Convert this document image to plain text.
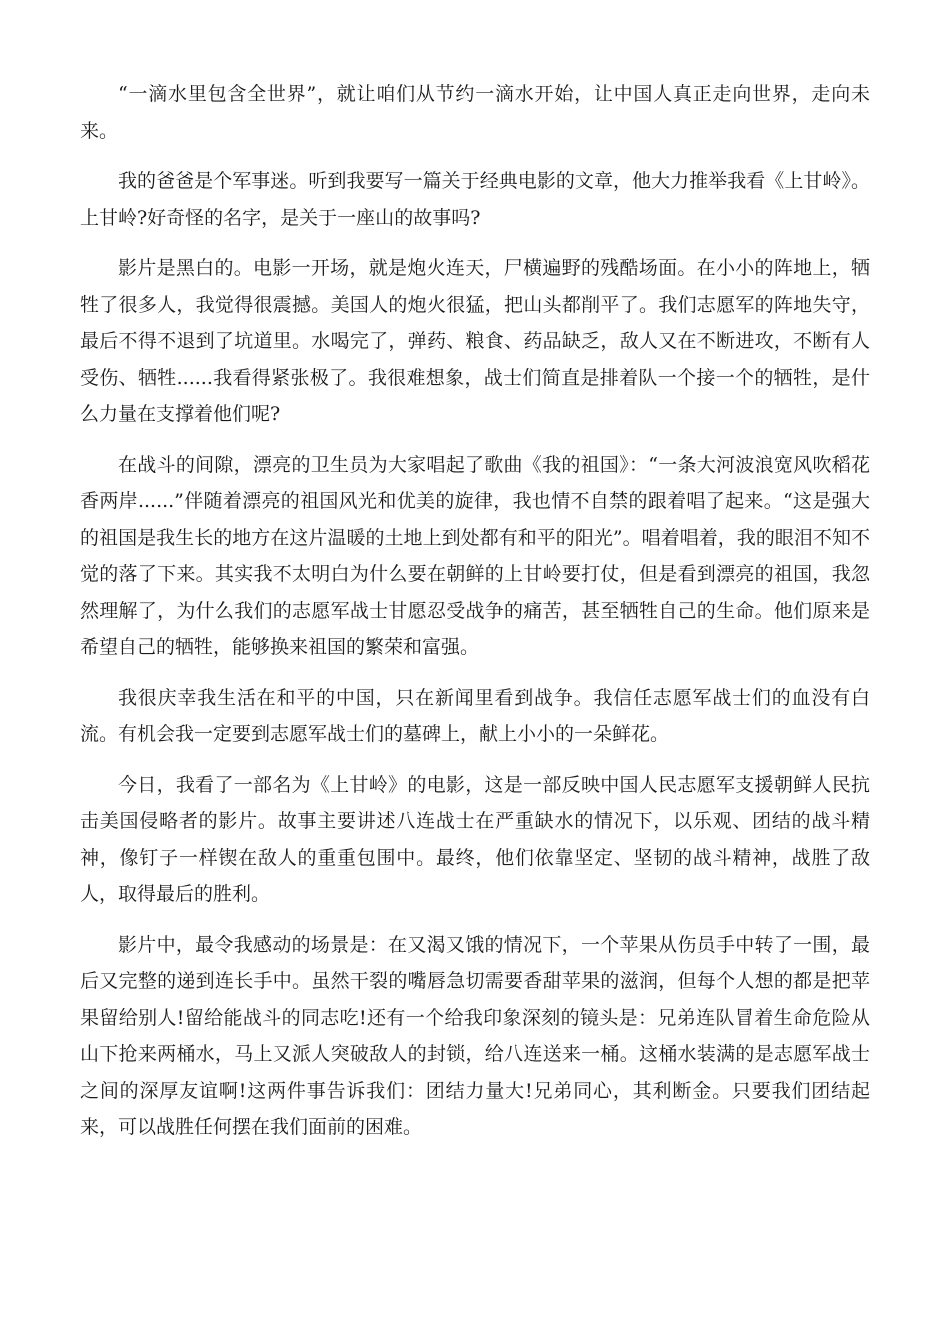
“一滴水里包含全世界”，就让咱们从节约一滴水开始，让中国人真正走向世界，走向未来。

我的爸爸是个军事迷。听到我要写一篇关于经典电影的文章，他大力推举我看《上甘岭》。上甘岭?好奇怪的名字，是关于一座山的故事吗?

影片是黑白的。电影一开场，就是炮火连天，尸横遍野的残酷场面。在小小的阵地上，牺牲了很多人，我觉得很震撼。美国人的炮火很猛，把山头都削平了。我们志愿军的阵地失守，最后不得不退到了坑道里。水喝完了，弹药、粮食、药品缺乏，敌人又在不断进攻，不断有人受伤、牺牲......我看得紧张极了。我很难想象，战士们简直是排着队一个接一个的牺牲，是什么力量在支撑着他们呢?

在战斗的间隙，漂亮的卫生员为大家唱起了歌曲《我的祖国》：“一条大河波浪宽风吹稻花香两岸......”伴随着漂亮的祖国风光和优美的旋律，我也情不自禁的跟着唱了起来。“这是强大的祖国是我生长的地方在这片温暖的土地上到处都有和平的阳光”。唱着唱着，我的眼泪不知不觉的落了下来。其实我不太明白为什么要在朝鲜的上甘岭要打仗，但是看到漂亮的祖国，我忽然理解了，为什么我们的志愿军战士甘愿忍受战争的痛苦，甚至牺牲自己的生命。他们原来是希望自己的牺牲，能够换来祖国的繁荣和富强。

我很庆幸我生活在和平的中国，只在新闻里看到战争。我信任志愿军战士们的血没有白流。有机会我一定要到志愿军战士们的墓碑上，献上小小的一朵鲜花。

今日，我看了一部名为《上甘岭》的电影，这是一部反映中国人民志愿军支援朝鲜人民抗击美国侵略者的影片。故事主要讲述八连战士在严重缺水的情况下，以乐观、团结的战斗精神，像钉子一样锲在敌人的重重包围中。最终，他们依靠坚定、坚韧的战斗精神，战胜了敌人，取得最后的胜利。

影片中，最令我感动的场景是：在又渴又饿的情况下，一个苹果从伤员手中转了一围，最后又完整的递到连长手中。虽然干裂的嘴唇急切需要香甜苹果的滋润，但每个人想的都是把苹果留给别人!留给能战斗的同志吃!还有一个给我印象深刻的镜头是：兄弟连队冒着生命危险从山下抢来两桶水，马上又派人突破敌人的封锁，给八连送来一桶。这桶水装满的是志愿军战士之间的深厚友谊啊!这两件事告诉我们：团结力量大!兄弟同心，其利断金。只要我们团结起来，可以战胜任何摆在我们面前的困难。
